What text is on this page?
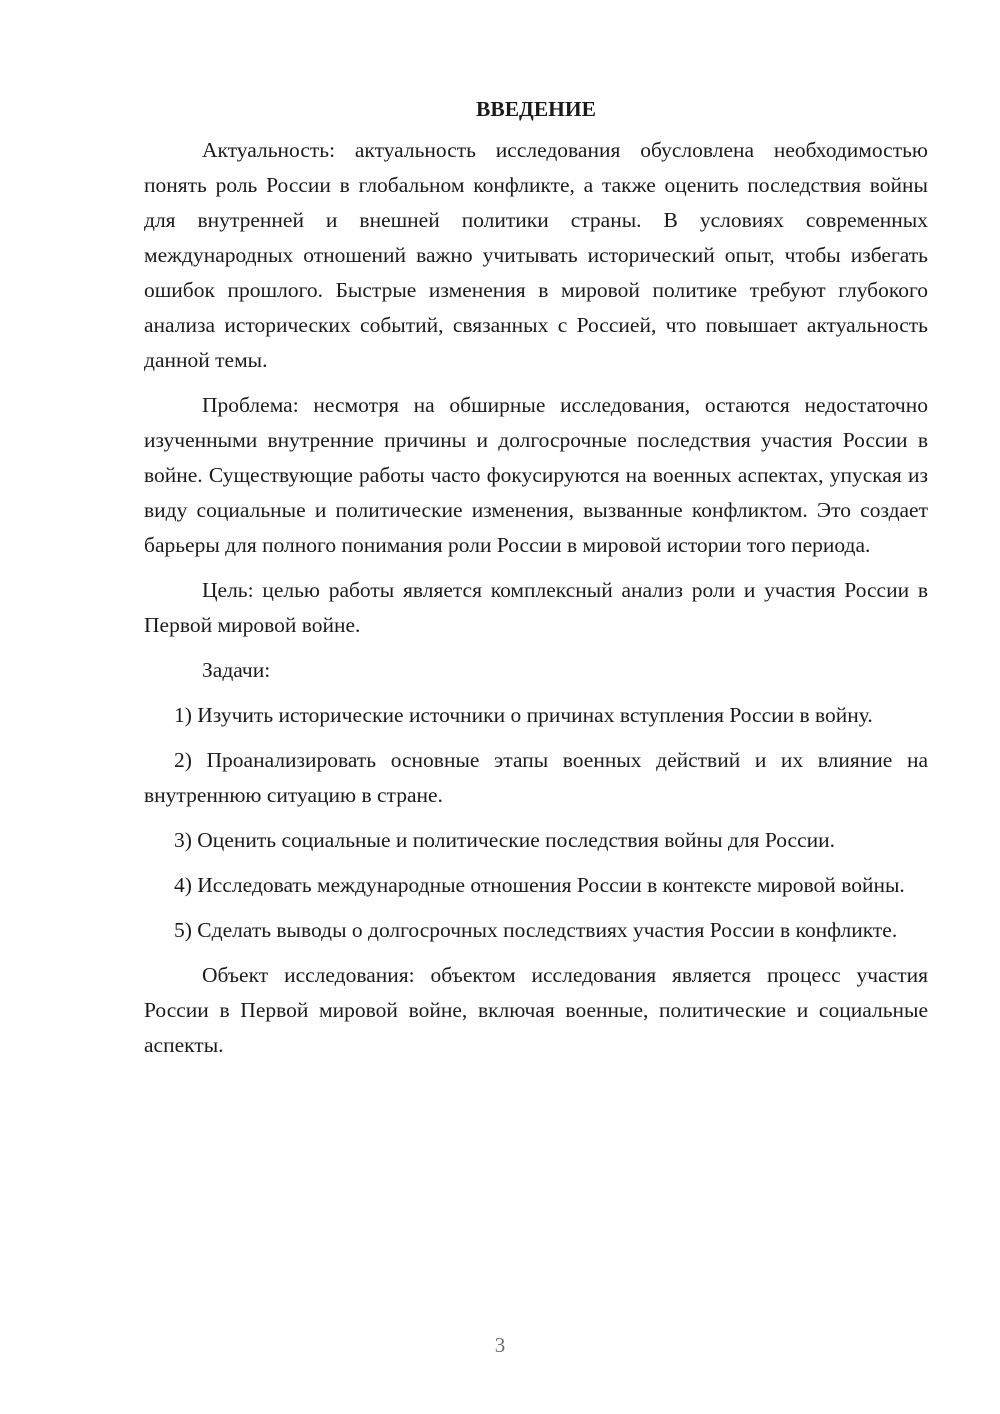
ВВЕДЕНИЕ

Актуальность: актуальность исследования обусловлена необходимостью понять роль России в глобальном конфликте, а также оценить последствия войны для внутренней и внешней политики страны. В условиях современных международных отношений важно учитывать исторический опыт, чтобы избегать ошибок прошлого. Быстрые изменения в мировой политике требуют глубокого анализа исторических событий, связанных с Россией, что повышает актуальность данной темы.

Проблема: несмотря на обширные исследования, остаются недостаточно изученными внутренние причины и долгосрочные последствия участия России в войне. Существующие работы часто фокусируются на военных аспектах, упуская из виду социальные и политические изменения, вызванные конфликтом. Это создает барьеры для полного понимания роли России в мировой истории того периода.

Цель: целью работы является комплексный анализ роли и участия России в Первой мировой войне.

Задачи:

1) Изучить исторические источники о причинах вступления России в войну.

2) Проанализировать основные этапы военных действий и их влияние на внутреннюю ситуацию в стране.

3) Оценить социальные и политические последствия войны для России.

4) Исследовать международные отношения России в контексте мировой войны.

5) Сделать выводы о долгосрочных последствиях участия России в конфликте.

Объект исследования: объектом исследования является процесс участия России в Первой мировой войне, включая военные, политические и социальные аспекты.

3
